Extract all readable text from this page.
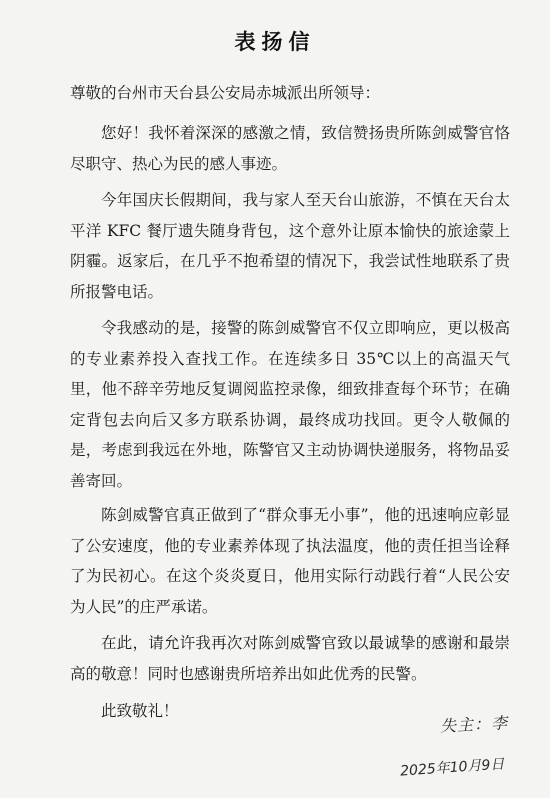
表扬信

尊敬的台州市天台县公安局赤城派出所领导：

您好！我怀着深深的感激之情，致信赞扬贵所陈剑威警官恪尽职守、热心为民的感人事迹。

今年国庆长假期间，我与家人至天台山旅游，不慎在天台太平洋 KFC 餐厅遗失随身背包，这个意外让原本愉快的旅途蒙上阴霾。返家后，在几乎不抱希望的情况下，我尝试性地联系了贵所报警电话。

令我感动的是，接警的陈剑威警官不仅立即响应，更以极高的专业素养投入查找工作。在连续多日 35℃以上的高温天气里，他不辞辛劳地反复调阅监控录像，细致排查每个环节；在确定背包去向后又多方联系协调，最终成功找回。更令人敬佩的是，考虑到我远在外地，陈警官又主动协调快递服务，将物品妥善寄回。

陈剑威警官真正做到了“群众事无小事”，他的迅速响应彰显了公安速度，他的专业素养体现了执法温度，他的责任担当诠释了为民初心。在这个炎炎夏日，他用实际行动践行着“人民公安为人民”的庄严承诺。

在此，请允许我再次对陈剑威警官致以最诚挚的感谢和最崇高的敬意！同时也感谢贵所培养出如此优秀的民警。

此致敬礼！

失主：李
2025年10月9日
